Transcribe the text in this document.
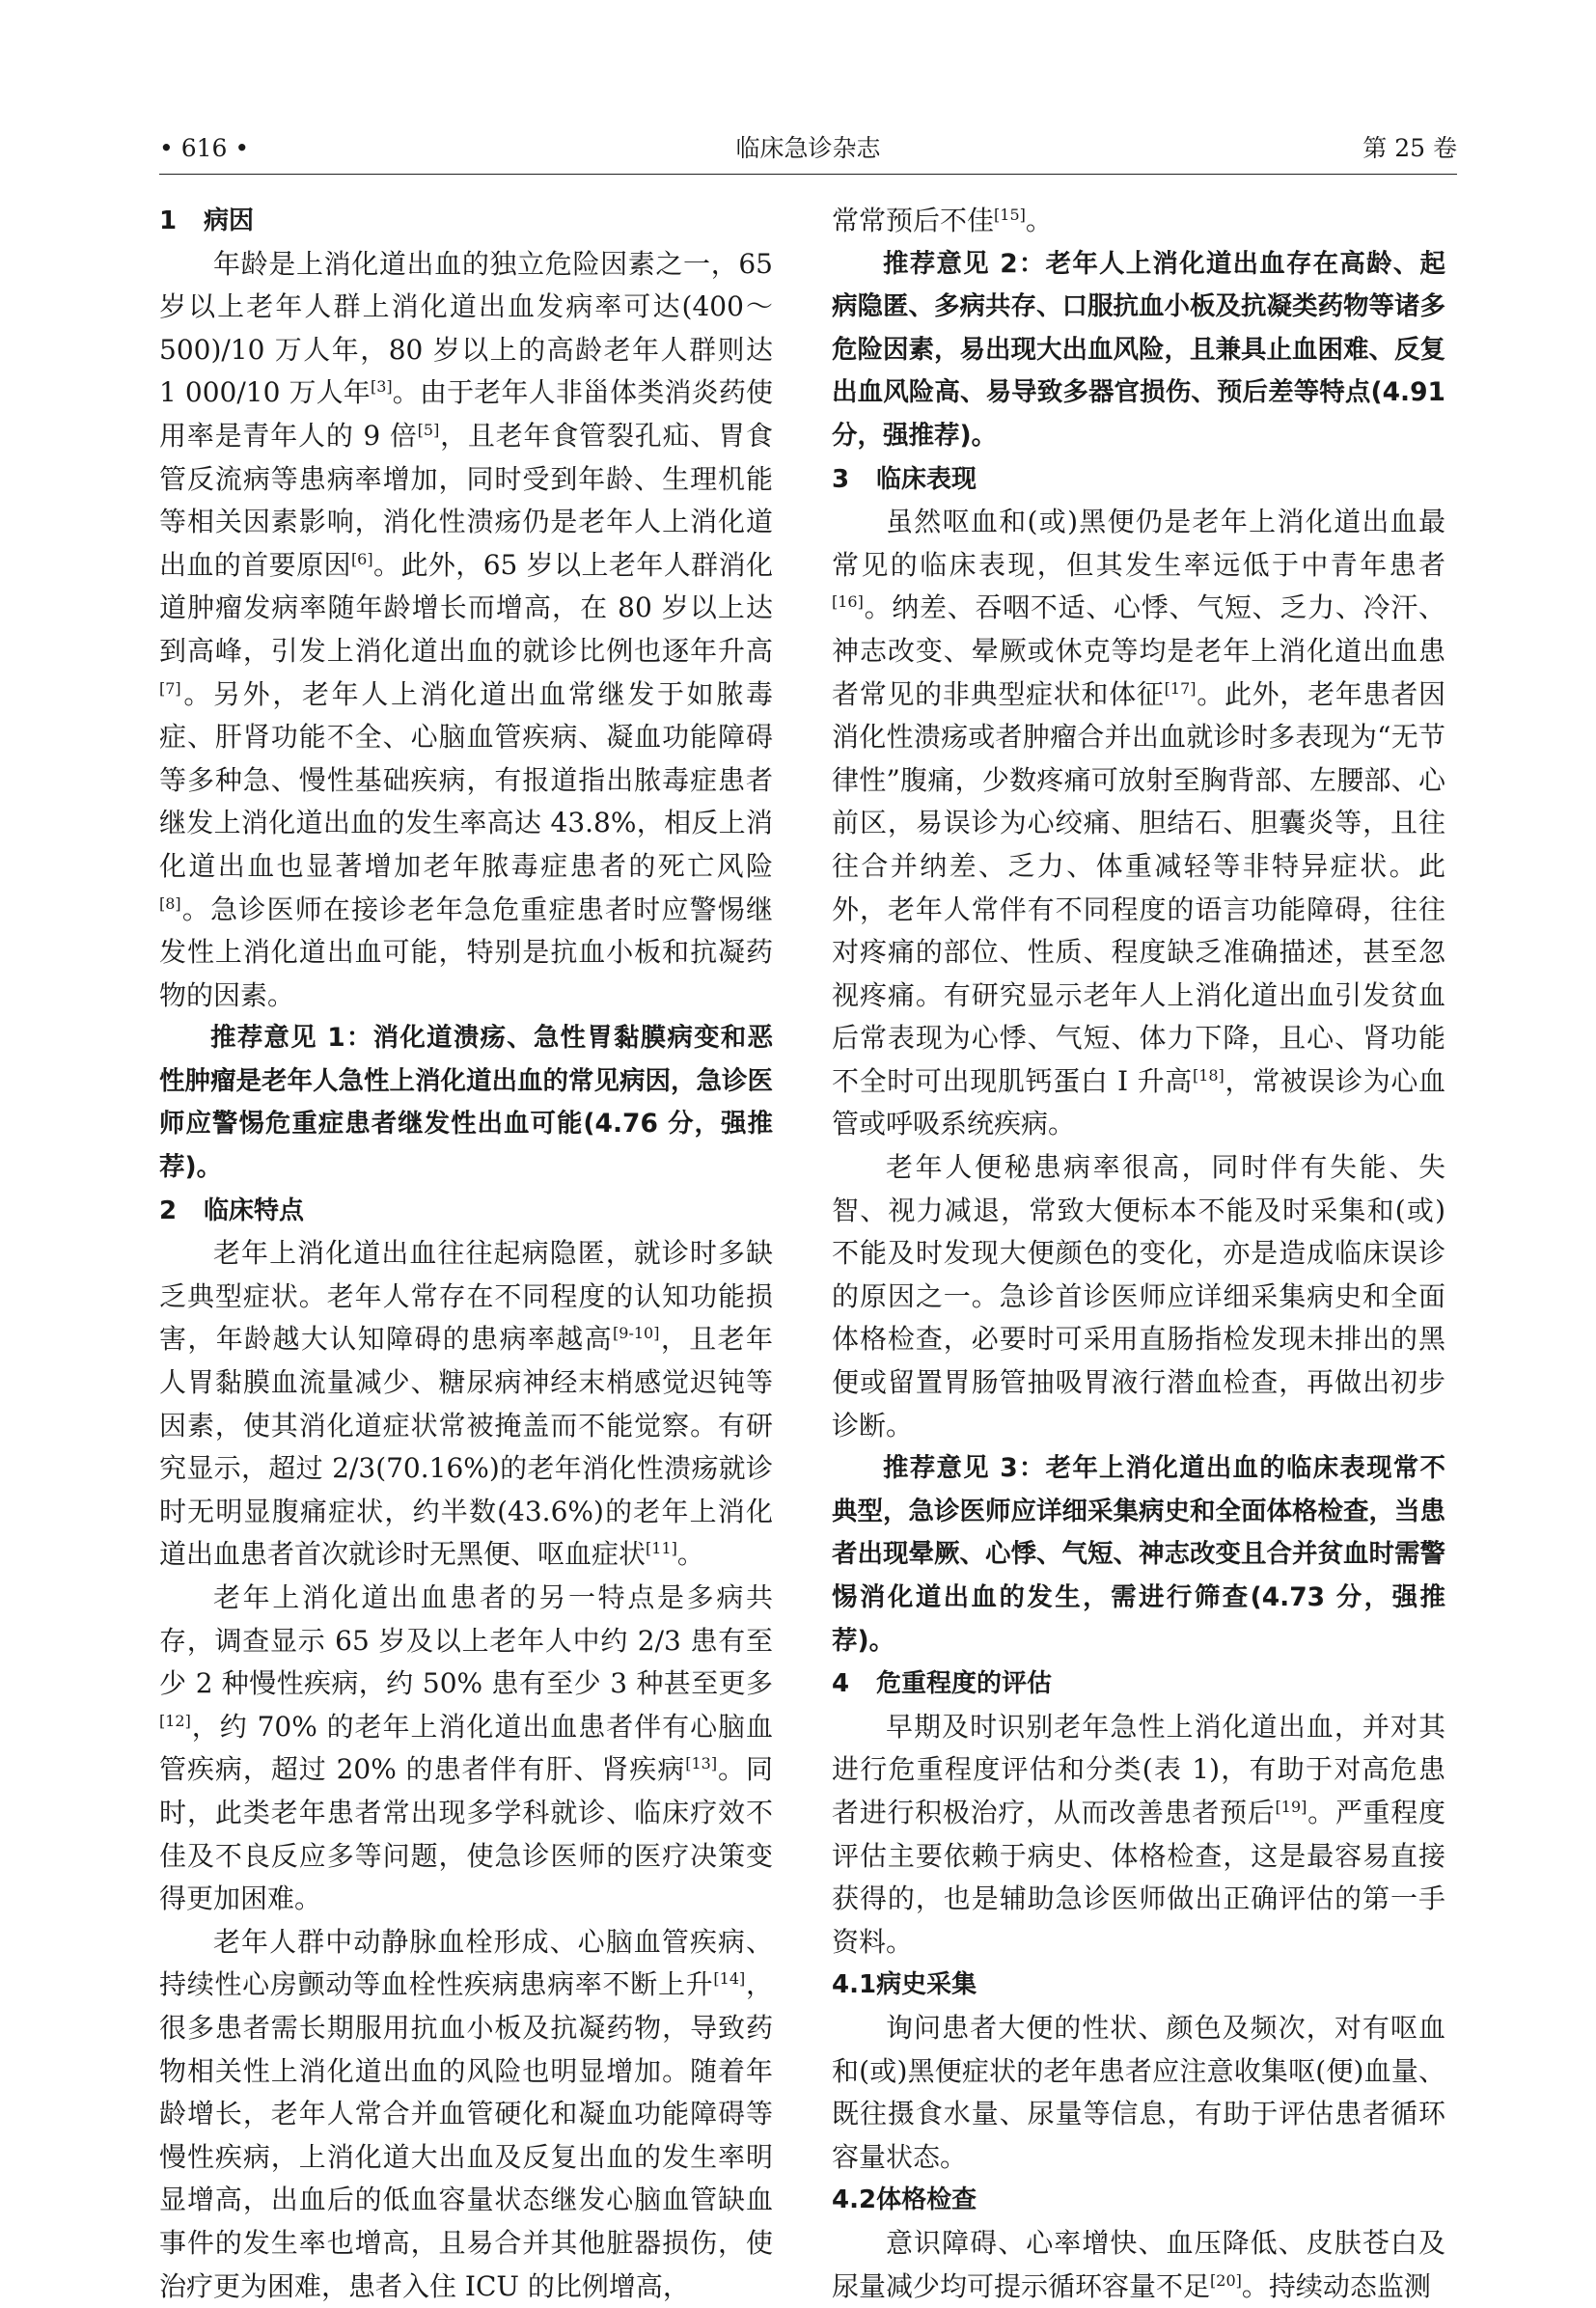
• 616 •	临床急诊杂志	第 25 卷
1 病因

年龄是上消化道出血的独立危险因素之一，65 岁以上老年人群上消化道出血发病率可达(400～500)/10 万人年，80 岁以上的高龄老年人群则达 1 000/10 万人年[3]。由于老年人非甾体类消炎药使用率是青年人的 9 倍[5]，且老年食管裂孔疝、胃食管反流病等患病率增加，同时受到年龄、生理机能等相关因素影响，消化性溃疡仍是老年人上消化道出血的首要原因[6]。此外，65 岁以上老年人群消化道肿瘤发病率随年龄增长而增高，在 80 岁以上达到高峰，引发上消化道出血的就诊比例也逐年升高[7]。另外，老年人上消化道出血常继发于如脓毒症、肝肾功能不全、心脑血管疾病、凝血功能障碍等多种急、慢性基础疾病，有报道指出脓毒症患者继发上消化道出血的发生率高达 43.8%，相反上消化道出血也显著增加老年脓毒症患者的死亡风险[8]。急诊医师在接诊老年急危重症患者时应警惕继发性上消化道出血可能，特别是抗血小板和抗凝药物的因素。

推荐意见 1：消化道溃疡、急性胃黏膜病变和恶性肿瘤是老年人急性上消化道出血的常见病因，急诊医师应警惕危重症患者继发性出血可能(4.76 分，强推荐)。

2 临床特点

老年上消化道出血往往起病隐匿，就诊时多缺乏典型症状。老年人常存在不同程度的认知功能损害，年龄越大认知障碍的患病率越高[9-10]，且老年人胃黏膜血流量减少、糖尿病神经末梢感觉迟钝等因素，使其消化道症状常被掩盖而不能觉察。有研究显示，超过 2/3(70.16%)的老年消化性溃疡就诊时无明显腹痛症状，约半数(43.6%)的老年上消化道出血患者首次就诊时无黑便、呕血症状[11]。

老年上消化道出血患者的另一特点是多病共存，调查显示 65 岁及以上老年人中约 2/3 患有至少 2 种慢性疾病，约 50% 患有至少 3 种甚至更多[12]，约 70% 的老年上消化道出血患者伴有心脑血管疾病，超过 20% 的患者伴有肝、肾疾病[13]。同时，此类老年患者常出现多学科就诊、临床疗效不佳及不良反应多等问题，使急诊医师的医疗决策变得更加困难。

老年人群中动静脉血栓形成、心脑血管疾病、持续性心房颤动等血栓性疾病患病率不断上升[14]，很多患者需长期服用抗血小板及抗凝药物，导致药物相关性上消化道出血的风险也明显增加。随着年龄增长，老年人常合并血管硬化和凝血功能障碍等慢性疾病，上消化道大出血及反复出血的发生率明显增高，出血后的低血容量状态继发心脑血管缺血事件的发生率也增高，且易合并其他脏器损伤，使治疗更为困难，患者入住 ICU 的比例增高，

常常预后不佳[15]。

推荐意见 2：老年人上消化道出血存在高龄、起病隐匿、多病共存、口服抗血小板及抗凝类药物等诸多危险因素，易出现大出血风险，且兼具止血困难、反复出血风险高、易导致多器官损伤、预后差等特点(4.91 分，强推荐)。

3 临床表现

虽然呕血和(或)黑便仍是老年上消化道出血最常见的临床表现，但其发生率远低于中青年患者[16]。纳差、吞咽不适、心悸、气短、乏力、冷汗、神志改变、晕厥或休克等均是老年上消化道出血患者常见的非典型症状和体征[17]。此外，老年患者因消化性溃疡或者肿瘤合并出血就诊时多表现为“无节律性”腹痛，少数疼痛可放射至胸背部、左腰部、心前区，易误诊为心绞痛、胆结石、胆囊炎等，且往往合并纳差、乏力、体重减轻等非特异症状。此外，老年人常伴有不同程度的语言功能障碍，往往对疼痛的部位、性质、程度缺乏准确描述，甚至忽视疼痛。有研究显示老年人上消化道出血引发贫血后常表现为心悸、气短、体力下降，且心、肾功能不全时可出现肌钙蛋白 I 升高[18]，常被误诊为心血管或呼吸系统疾病。

老年人便秘患病率很高，同时伴有失能、失智、视力减退，常致大便标本不能及时采集和(或)不能及时发现大便颜色的变化，亦是造成临床误诊的原因之一。急诊首诊医师应详细采集病史和全面体格检查，必要时可采用直肠指检发现未排出的黑便或留置胃肠管抽吸胃液行潜血检查，再做出初步诊断。

推荐意见 3：老年上消化道出血的临床表现常不典型，急诊医师应详细采集病史和全面体格检查，当患者出现晕厥、心悸、气短、神志改变且合并贫血时需警惕消化道出血的发生，需进行筛查(4.73 分，强推荐)。

4 危重程度的评估

早期及时识别老年急性上消化道出血，并对其进行危重程度评估和分类(表 1)，有助于对高危患者进行积极治疗，从而改善患者预后[19]。严重程度评估主要依赖于病史、体格检查，这是最容易直接获得的，也是辅助急诊医师做出正确评估的第一手资料。

4.1病史采集

询问患者大便的性状、颜色及频次，对有呕血和(或)黑便症状的老年患者应注意收集呕(便)血量、既往摄食水量、尿量等信息，有助于评估患者循环容量状态。

4.2体格检查

意识障碍、心率增快、血压降低、皮肤苍白及尿量减少均可提示循环容量不足[20]。持续动态监测
